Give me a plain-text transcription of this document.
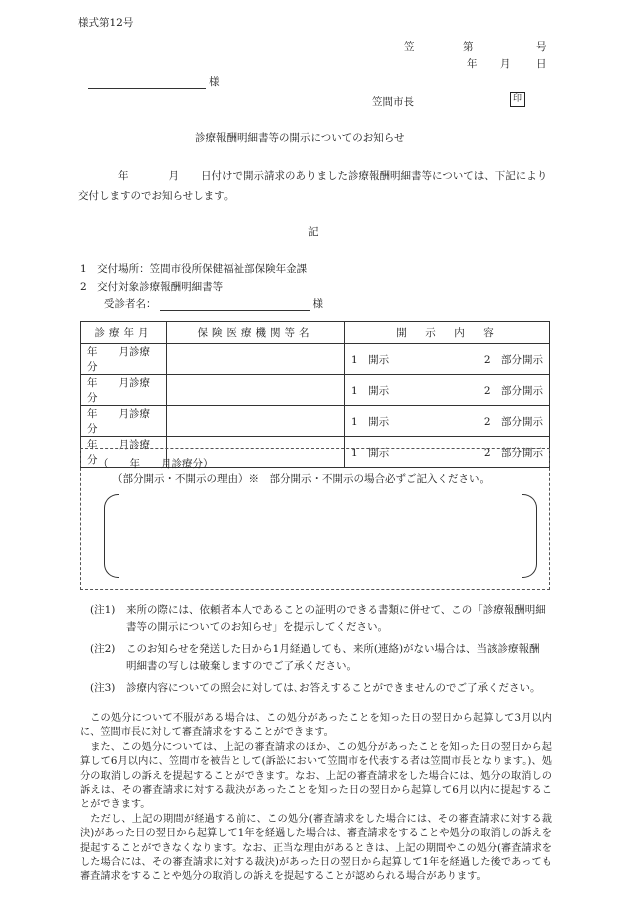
様式第12号
笠	第	号
年 月 日
様
笠間市長	印
診療報酬明細書等の開示についてのお知らせ
年	月 日付けで開示請求のありました診療報酬明細書等については、下記により交付しますのでお知らせします。
記
1　交付場所：笠間市役所保健福祉部保険年金課
2　交付対象診療報酬明細書等
受診者名：	様
診療年月	保険医療機関等名	開　示　内　容
年　　月診療分		1　開示 2　部分開示

年　　月診療分		1　開示 2　部分開示

年　　月診療分		1　開示 2　部分開示

年　　月診療分		1　開示 2　部分開示
（　　年　　月診療分）
（部分開示・不開示の理由）※　部分開示・不開示の場合必ずご記入ください。
(注1)	来所の際には、依頼者本人であることの証明のできる書類に併せて、この「診療報酬明細書等の開示についてのお知らせ」を提示してください。
(注2)	このお知らせを発送した日から1月経過しても、来所(連絡)がない場合は、当該診療報酬明細書の写しは破棄しますのでご了承ください。
(注3)	診療内容についての照会に対しては､お答えすることができませんのでご了承ください。

この処分について不服がある場合は、この処分があったことを知った日の翌日から起算して3月以内に、笠間市長に対して審査請求をすることができます。

また、この処分については、上記の審査請求のほか、この処分があったことを知った日の翌日から起算して6月以内に、笠間市を被告として(訴訟において笠間市を代表する者は笠間市長となります。)、処分の取消しの訴えを提起することができます。なお、上記の審査請求をした場合には、処分の取消しの訴えは、その審査請求に対する裁決があったことを知った日の翌日から起算して6月以内に提起することができます。

ただし、上記の期間が経過する前に、この処分(審査請求をした場合には、その審査請求に対する裁決)があった日の翌日から起算して1年を経過した場合は、審査請求をすることや処分の取消しの訴えを提起することができなくなります。なお、正当な理由があるときは、上記の期間やこの処分(審査請求をした場合には、その審査請求に対する裁決)があった日の翌日から起算して1年を経過した後であっても審査請求をすることや処分の取消しの訴えを提起することが認められる場合があります。
